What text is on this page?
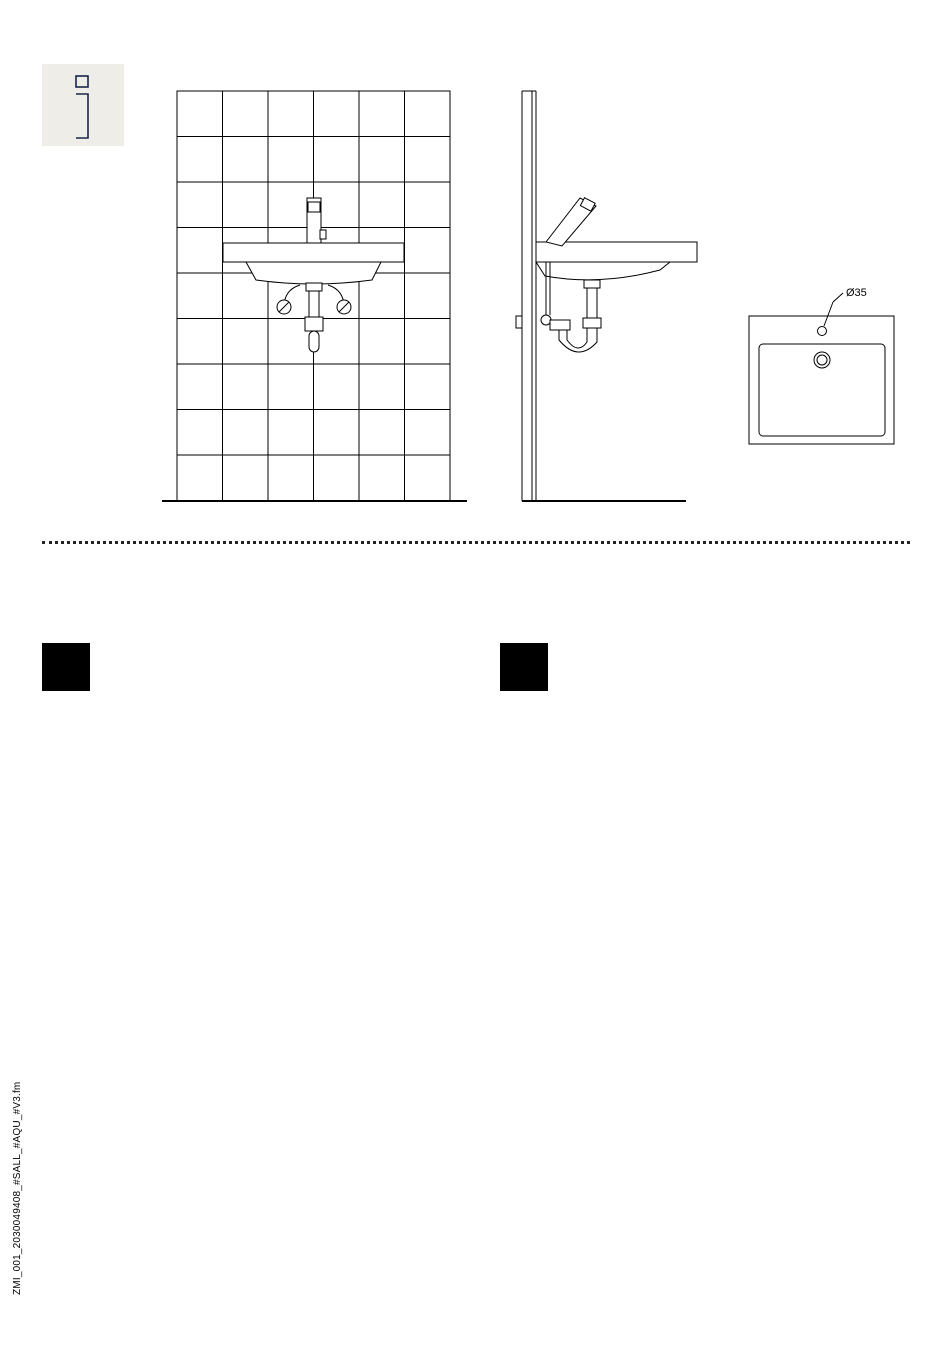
Ø35
ZMI_001_2030049408_#SALL_#AQU_#V3.fm
